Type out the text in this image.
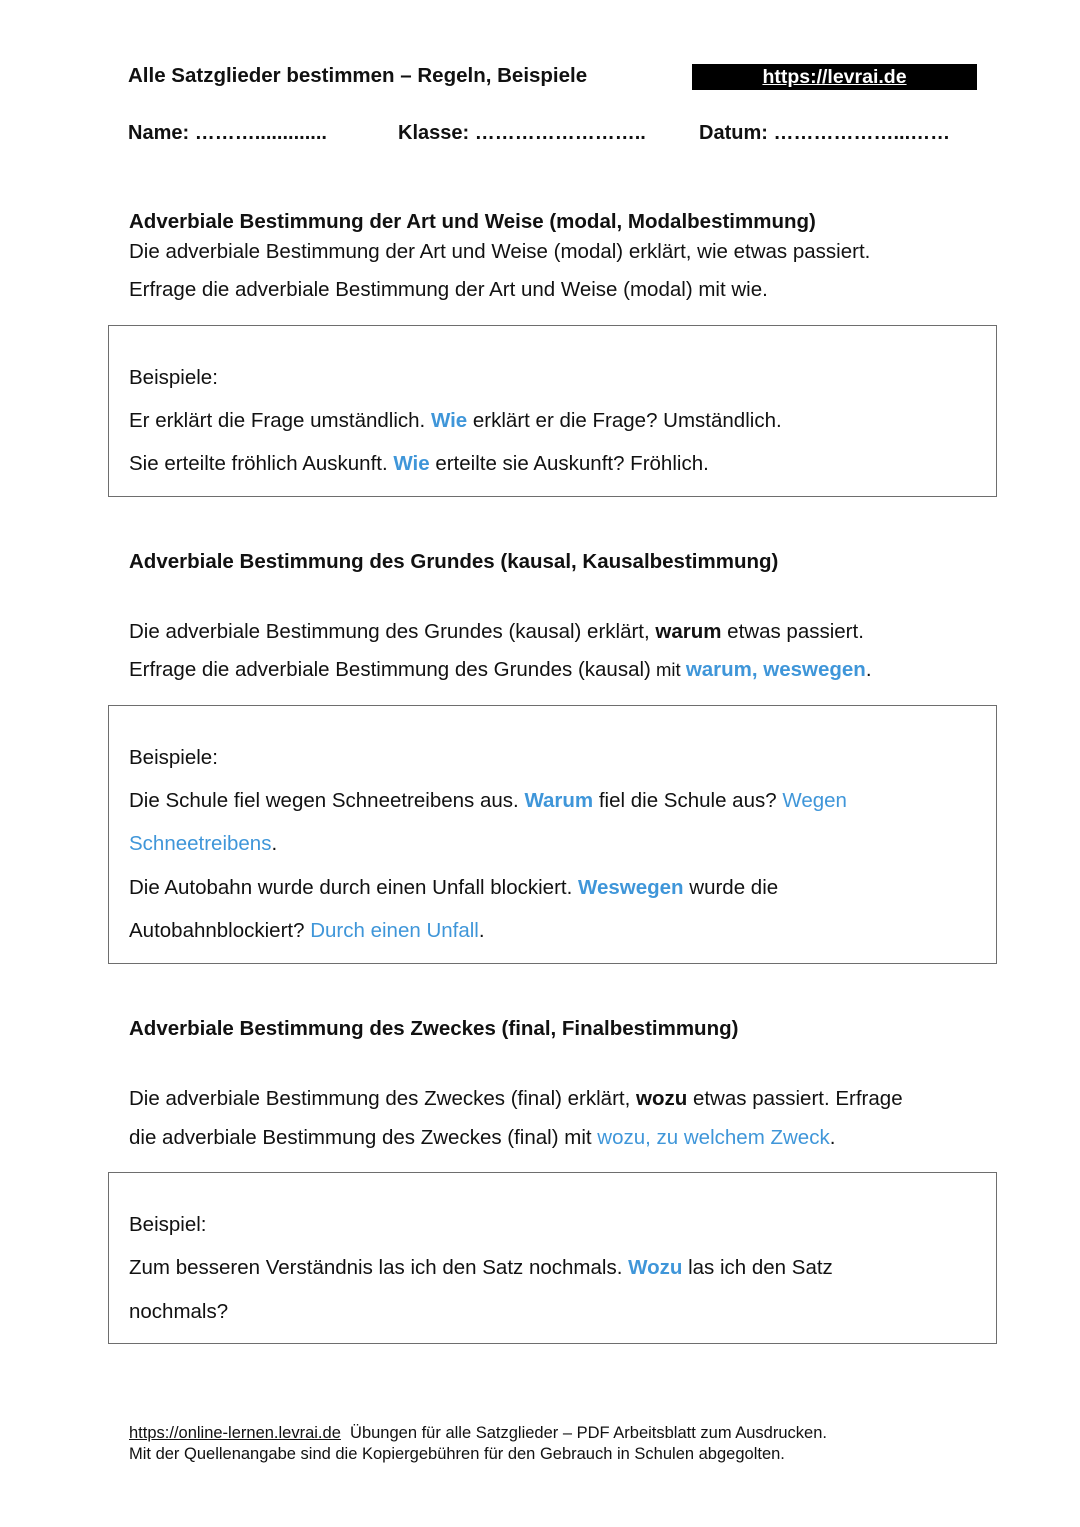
Alle Satzglieder bestimmen – Regeln, Beispiele	https://levrai.de
Name: ……….............	Klasse: ……………………..	Datum: ………………...……
Adverbiale Bestimmung der Art und Weise (modal, Modalbestimmung)
Die adverbiale Bestimmung der Art und Weise (modal) erklärt, wie etwas passiert.
Erfrage die adverbiale Bestimmung der Art und Weise (modal) mit wie.
Beispiele:
Er erklärt die Frage umständlich. Wie erklärt er die Frage? Umständlich.
Sie erteilte fröhlich Auskunft. Wie erteilte sie Auskunft? Fröhlich.
Adverbiale Bestimmung des Grundes (kausal, Kausalbestimmung)
Die adverbiale Bestimmung des Grundes (kausal) erklärt, warum etwas passiert.
Erfrage die adverbiale Bestimmung des Grundes (kausal) mit warum, weswegen.
Beispiele:
Die Schule fiel wegen Schneetreibens aus. Warum fiel die Schule aus? Wegen
Schneetreibens.
Die Autobahn wurde durch einen Unfall blockiert. Weswegen wurde die
Autobahnblockiert? Durch einen Unfall.
Adverbiale Bestimmung des Zweckes (final, Finalbestimmung)
Die adverbiale Bestimmung des Zweckes (final) erklärt, wozu etwas passiert. Erfrage
die adverbiale Bestimmung des Zweckes (final) mit wozu, zu welchem Zweck.
Beispiel:
Zum besseren Verständnis las ich den Satz nochmals. Wozu las ich den Satz
nochmals?
https://online-lernen.levrai.de  Übungen für alle Satzglieder – PDF Arbeitsblatt zum Ausdrucken.
Mit der Quellenangabe sind die Kopiergebühren für den Gebrauch in Schulen abgegolten.
